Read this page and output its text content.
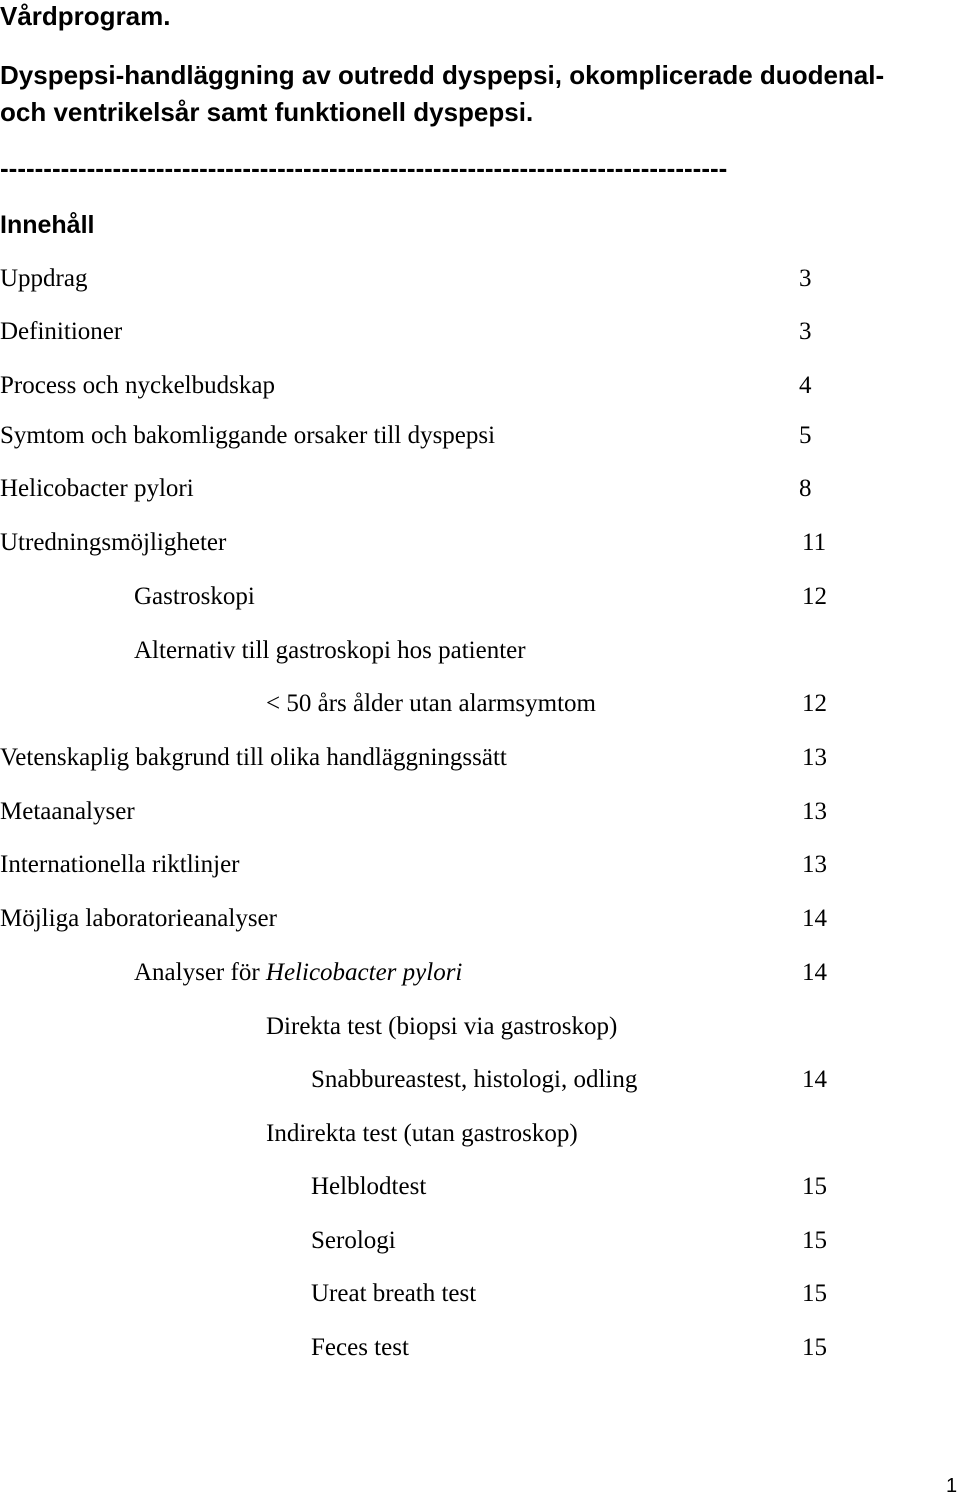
Vårdprogram.
Dyspepsi-handläggning av outredd dyspepsi, okomplicerade duodenal- och ventrikelsår samt funktionell dyspepsi.
------------------------------------------------------------------------------------
Innehåll
Uppdrag	3
Definitioner	3
Process och nyckelbudskap	4
Symtom och bakomliggande orsaker till dyspepsi	5
Helicobacter pylori	8
Utredningsmöjligheter	11
Gastroskopi	12
Alternativ till gastroskopi hos patienter
< 50 års ålder utan alarmsymtom	12
Vetenskaplig bakgrund till olika handläggningssätt	13
Metaanalyser	13
Internationella riktlinjer	13
Möjliga laboratorieanalyser	14
Analyser för Helicobacter pylori	14
Direkta test (biopsi via gastroskop)
Snabbureastest, histologi, odling	14
Indirekta test (utan gastroskop)
Helblodtest	15
Serologi	15
Ureat breath test	15
Feces test	15
1
